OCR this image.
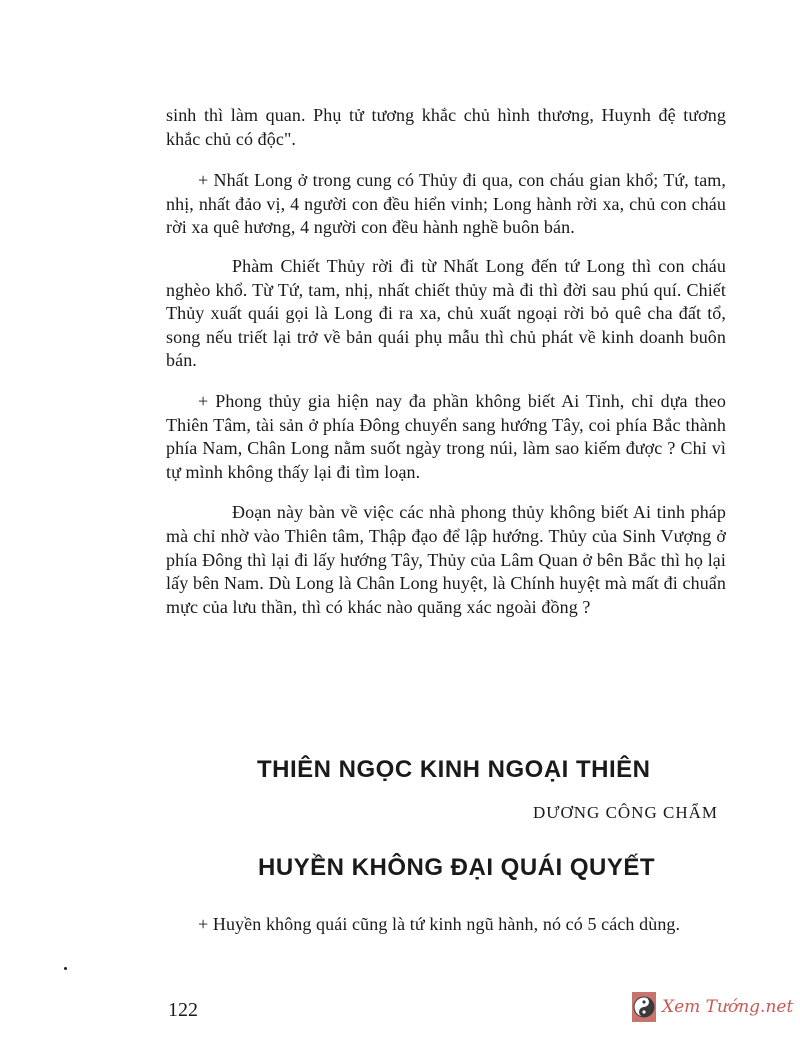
sinh thì làm quan. Phụ tử tương khắc chủ hình thương, Huynh đệ tương khắc chủ có độc".

+ Nhất Long ở trong cung có Thủy đi qua, con cháu gian khổ; Tứ, tam, nhị, nhất đảo vị, 4 người con đều hiển vinh; Long hành rời xa, chủ con cháu rời xa quê hương, 4 người con đều hành nghề buôn bán.

Phàm Chiết Thủy rời đi từ Nhất Long đến tứ Long thì con cháu nghèo khổ. Từ Tứ, tam, nhị, nhất chiết thủy mà đi thì đời sau phú quí. Chiết Thủy xuất quái gọi là Long đi ra xa, chủ xuất ngoại rời bỏ quê cha đất tổ, song nếu triết lại trở về bản quái phụ mẫu thì chủ phát về kinh doanh buôn bán.

+ Phong thủy gia hiện nay đa phần không biết Ai Tinh, chỉ dựa theo Thiên Tâm, tài sản ở phía Đông chuyển sang hướng Tây, coi phía Bắc thành phía Nam, Chân Long nằm suốt ngày trong núi, làm sao kiếm được ? Chỉ vì tự mình không thấy lại đi tìm loạn.

Đoạn này bàn về việc các nhà phong thủy không biết Ai tinh pháp mà chỉ nhờ vào Thiên tâm, Thập đạo để lập hướng. Thủy của Sinh Vượng ở phía Đông thì lại đi lấy hướng Tây, Thủy của Lâm Quan ở bên Bắc thì họ lại lấy bên Nam. Dù Long là Chân Long huyệt, là Chính huyệt mà mất đi chuẩn mực của lưu thần, thì có khác nào quăng xác ngoài đồng ?

THIÊN NGỌC KINH NGOẠI THIÊN
DƯƠNG CÔNG CHẨM
HUYỀN KHÔNG ĐẠI QUÁI QUYẾT

+ Huyền không quái cũng là tứ kinh ngũ hành, nó có 5 cách dùng.

122	Xem Tướng.net
